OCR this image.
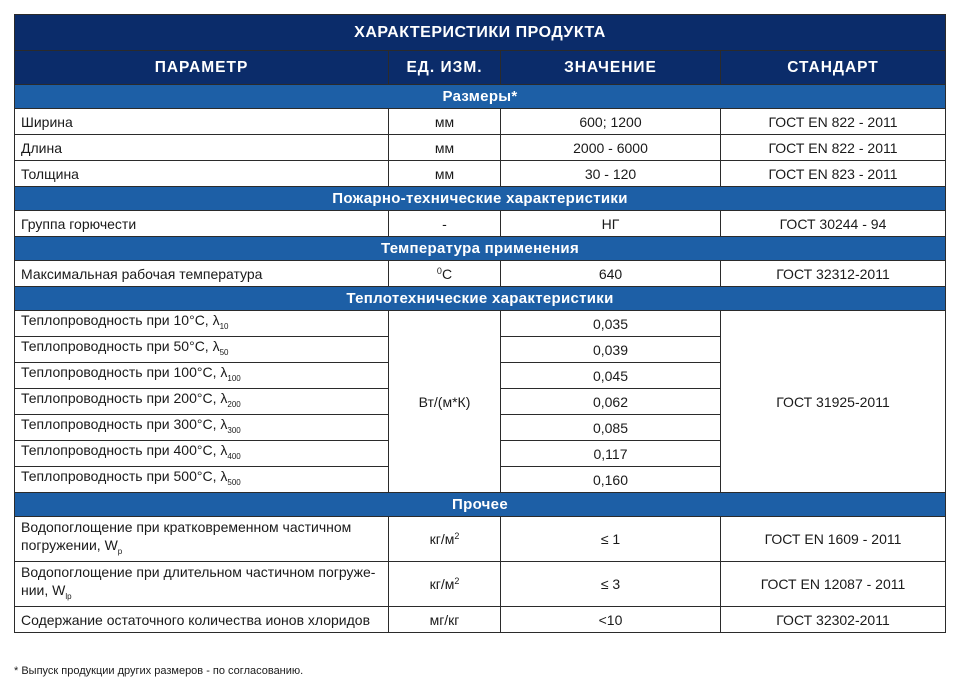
ХАРАКТЕРИСТИКИ ПРОДУКТА			
ПАРАМЕТР	ЕД. ИЗМ.	ЗНАЧЕНИЕ	СТАНДАРТ
Размеры*			
Ширина	мм	600; 1200	ГОСТ EN 822 - 2011
Длина	мм	2000 - 6000	ГОСТ EN 822 - 2011
Толщина	мм	30 - 120	ГОСТ EN 823 - 2011
Пожарно-технические характеристики			
Группа горючести	-	НГ	ГОСТ 30244 - 94
Температура применения			
Максимальная рабочая температура	$^0$С	640	ГОСТ 32312-2011
Теплотехнические характеристики			
Теплопроводность при 10°С, $\lambda_{10}$	Вт/(м*К)	0,035	ГОСТ 31925-2011
Теплопроводность при 50°С, $\lambda_{50}$		0,039	
Теплопроводность при 100°С, $\lambda_{100}$		0,045	
Теплопроводность при 200°С, $\lambda_{200}$		0,062	
Теплопроводность при 300°С, $\lambda_{300}$		0,085	
Теплопроводность при 400°С, $\lambda_{400}$		0,117	
Теплопроводность при 500°С, $\lambda_{500}$		0,160	
Прочее			
Водопоглощение при кратковременном частичном погружении, $W_p$	$кг/м^2$	≤ 1	ГОСТ EN 1609 - 2011
Водопоглощение при длительном частичном погруже-нии, $W_{lp}$	$кг/м^2$	≤ 3	ГОСТ EN 12087 - 2011
Содержание остаточного количества ионов хлоридов	мг/кг	<10	ГОСТ 32302-2011
* Выпуск продукции других размеров - по согласованию.
